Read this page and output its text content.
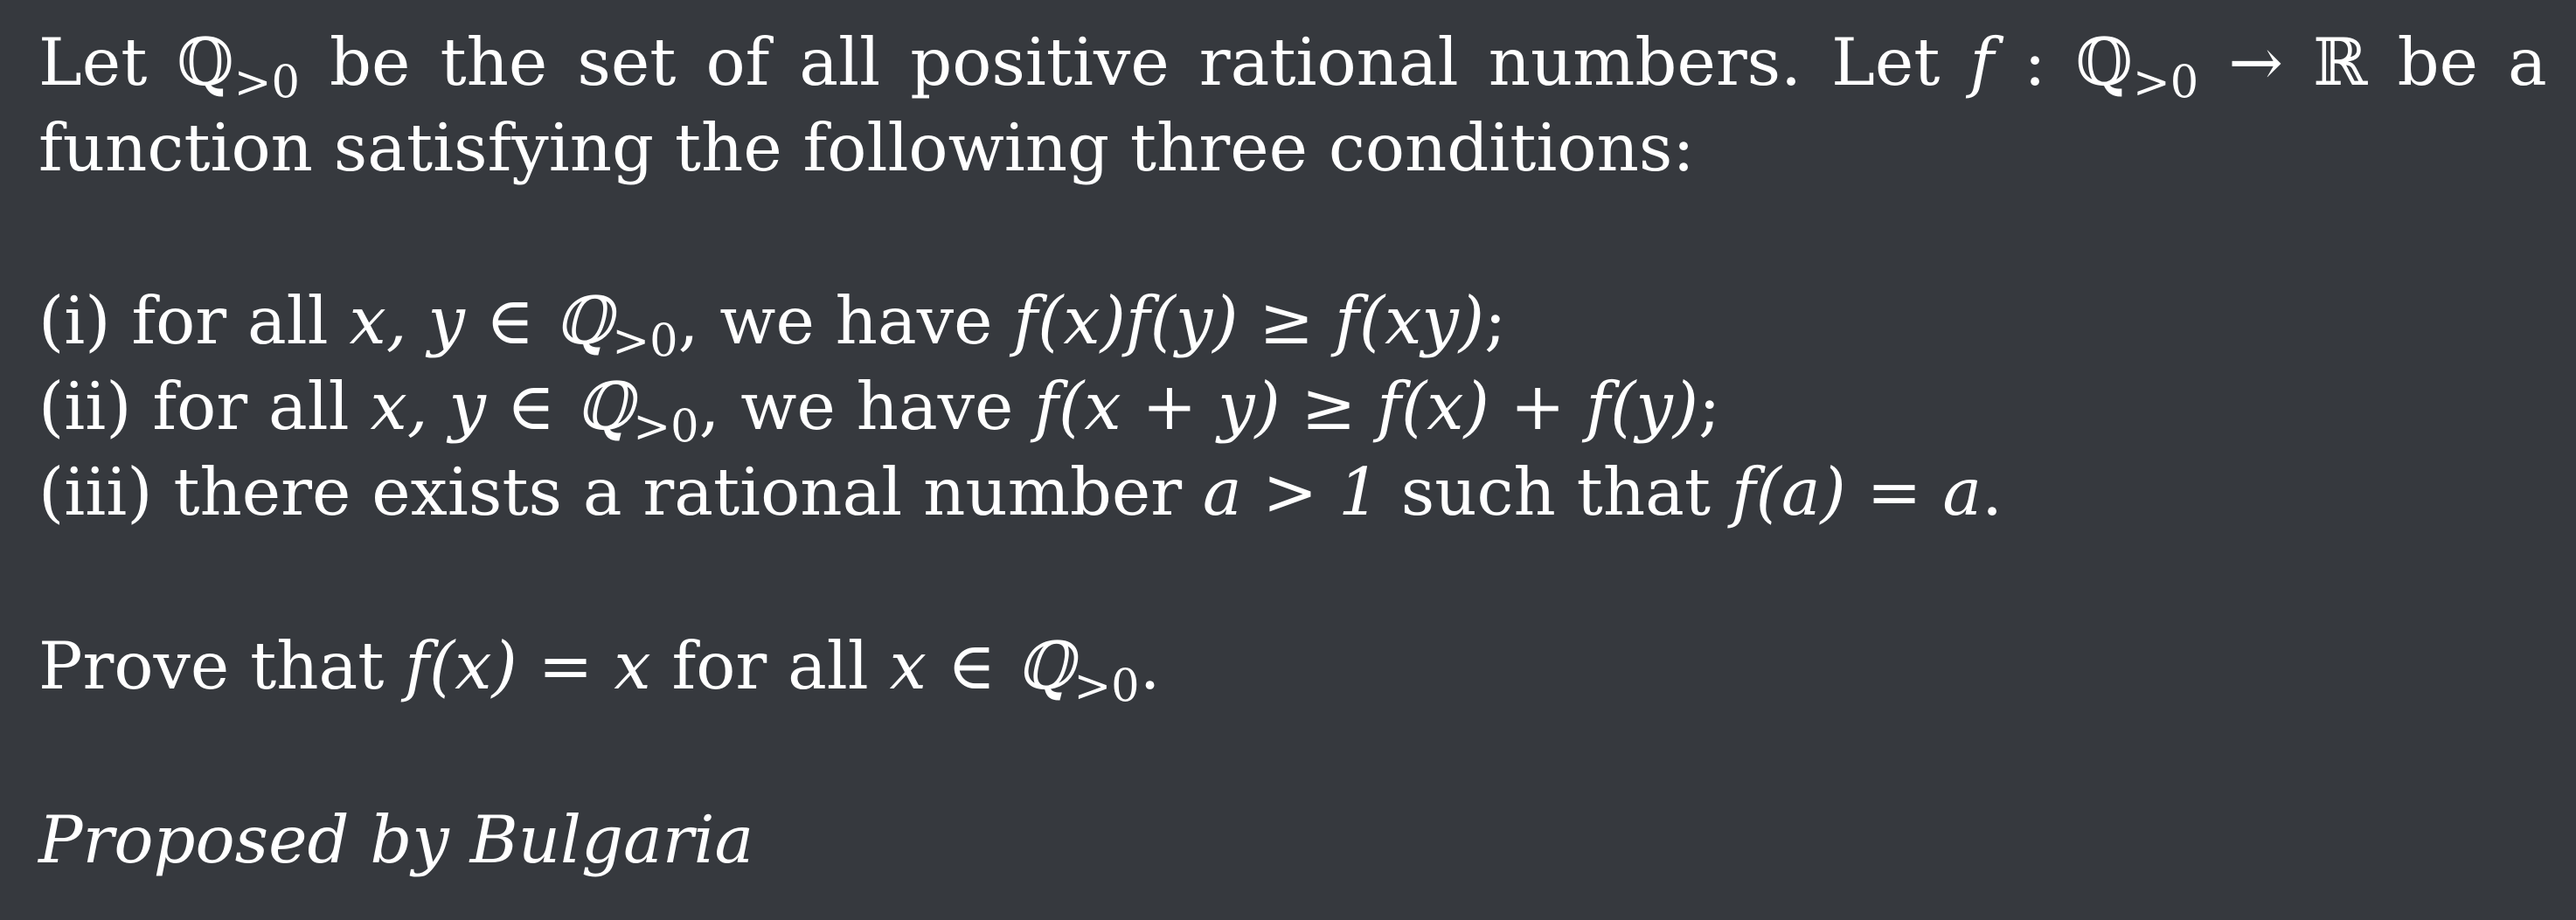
Let ℚ$_{>0}$ be the set of all positive rational numbers. Let f : ℚ$_{>0}$ → ℝ be a
function satisfying the following three conditions:
(i) for all x, y ∈ ℚ$_{>0}$, we have f(x)f(y) ≥ f(xy);
(ii) for all x, y ∈ ℚ$_{>0}$, we have f(x + y) ≥ f(x) + f(y);
(iii) there exists a rational number a > 1 such that f(a) = a.
Prove that f(x) = x for all x ∈ ℚ$_{>0}$.
Proposed by Bulgaria
